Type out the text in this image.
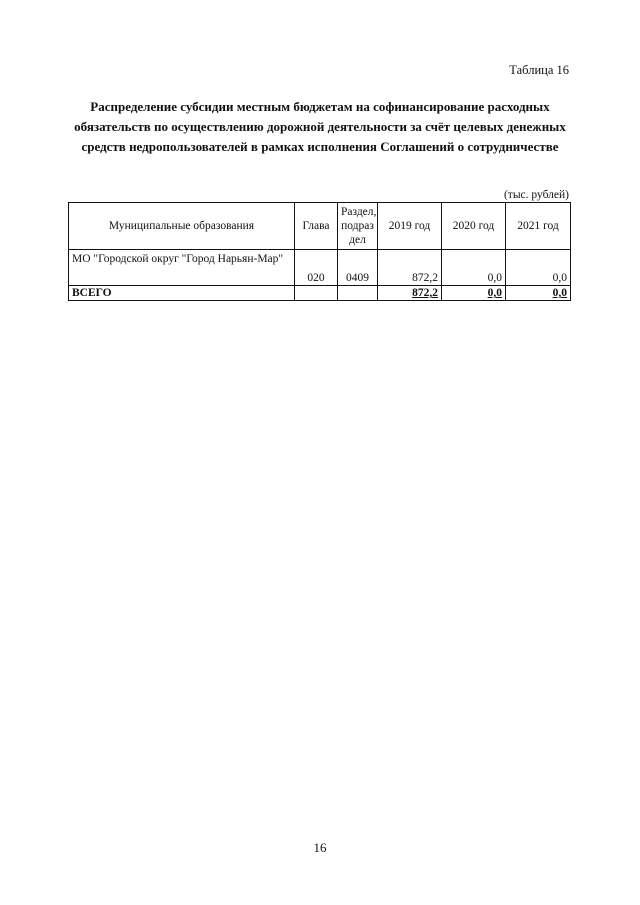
Таблица 16
Распределение субсидии местным бюджетам на софинансирование расходных обязательств по осуществлению дорожной деятельности за счёт целевых денежных средств недропользователей в рамках исполнения Соглашений о сотрудничестве
(тыс. рублей)
Муниципальные образования	Глава	Раздел, подраз дел	2019 год	2020 год	2021 год
МО "Городской округ "Город Нарьян-Мар"	020	0409	872,2	0,0	0,0
ВСЕГО			872,2	0,0	0,0
16
